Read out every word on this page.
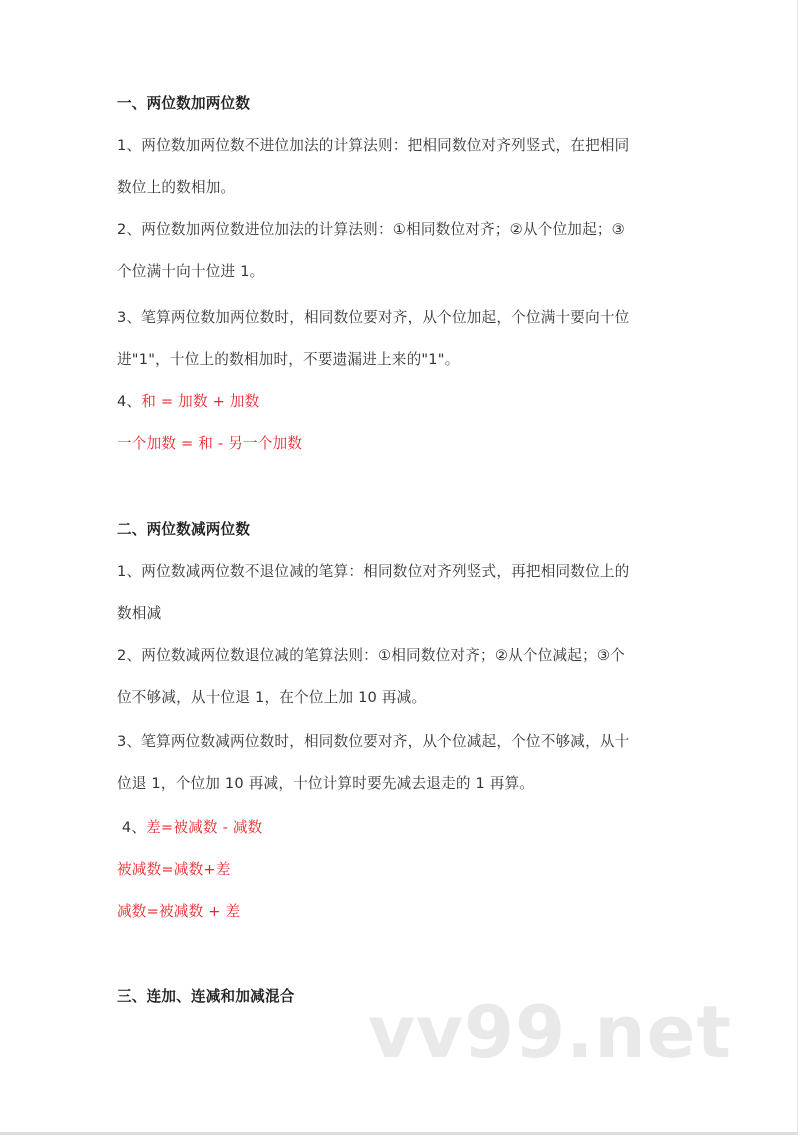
一、两位数加两位数
1、两位数加两位数不进位加法的计算法则：把相同数位对齐列竖式，在把相同
数位上的数相加。
2、两位数加两位数进位加法的计算法则：①相同数位对齐；②从个位加起；③
个位满十向十位进 1。
3、笔算两位数加两位数时，相同数位要对齐，从个位加起，个位满十要向十位
进"1"，十位上的数相加时，不要遗漏进上来的"1"。
4、和 = 加数 + 加数
一个加数 = 和 - 另一个加数
二、两位数减两位数
1、两位数减两位数不退位减的笔算：相同数位对齐列竖式，再把相同数位上的
数相减
2、两位数减两位数退位减的笔算法则：①相同数位对齐；②从个位减起；③个
位不够减，从十位退 1，在个位上加 10 再减。
3、笔算两位数减两位数时，相同数位要对齐，从个位减起，个位不够减，从十
位退 1，个位加 10 再减，十位计算时要先减去退走的 1 再算。
4、差=被减数 - 减数
被减数=减数+差
减数=被减数 + 差
三、连加、连减和加减混合 vv99.net
